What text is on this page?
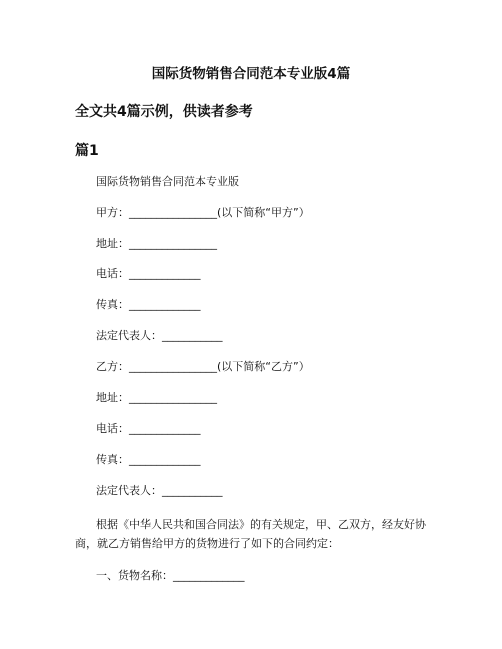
国际货物销售合同范本专业版4篇
全文共4篇示例，供读者参考
篇1

国际货物销售合同范本专业版

甲方：________________(以下简称“甲方”）

地址：________________

电话：_____________

传真：_____________

法定代表人：___________

乙方：________________(以下简称“乙方”）

地址：________________

电话：_____________

传真：_____________

法定代表人：___________

根据《中华人民共和国合同法》的有关规定，甲、乙双方，经友好协商，就乙方销售给甲方的货物进行了如下的合同约定：

一、货物名称：_____________
